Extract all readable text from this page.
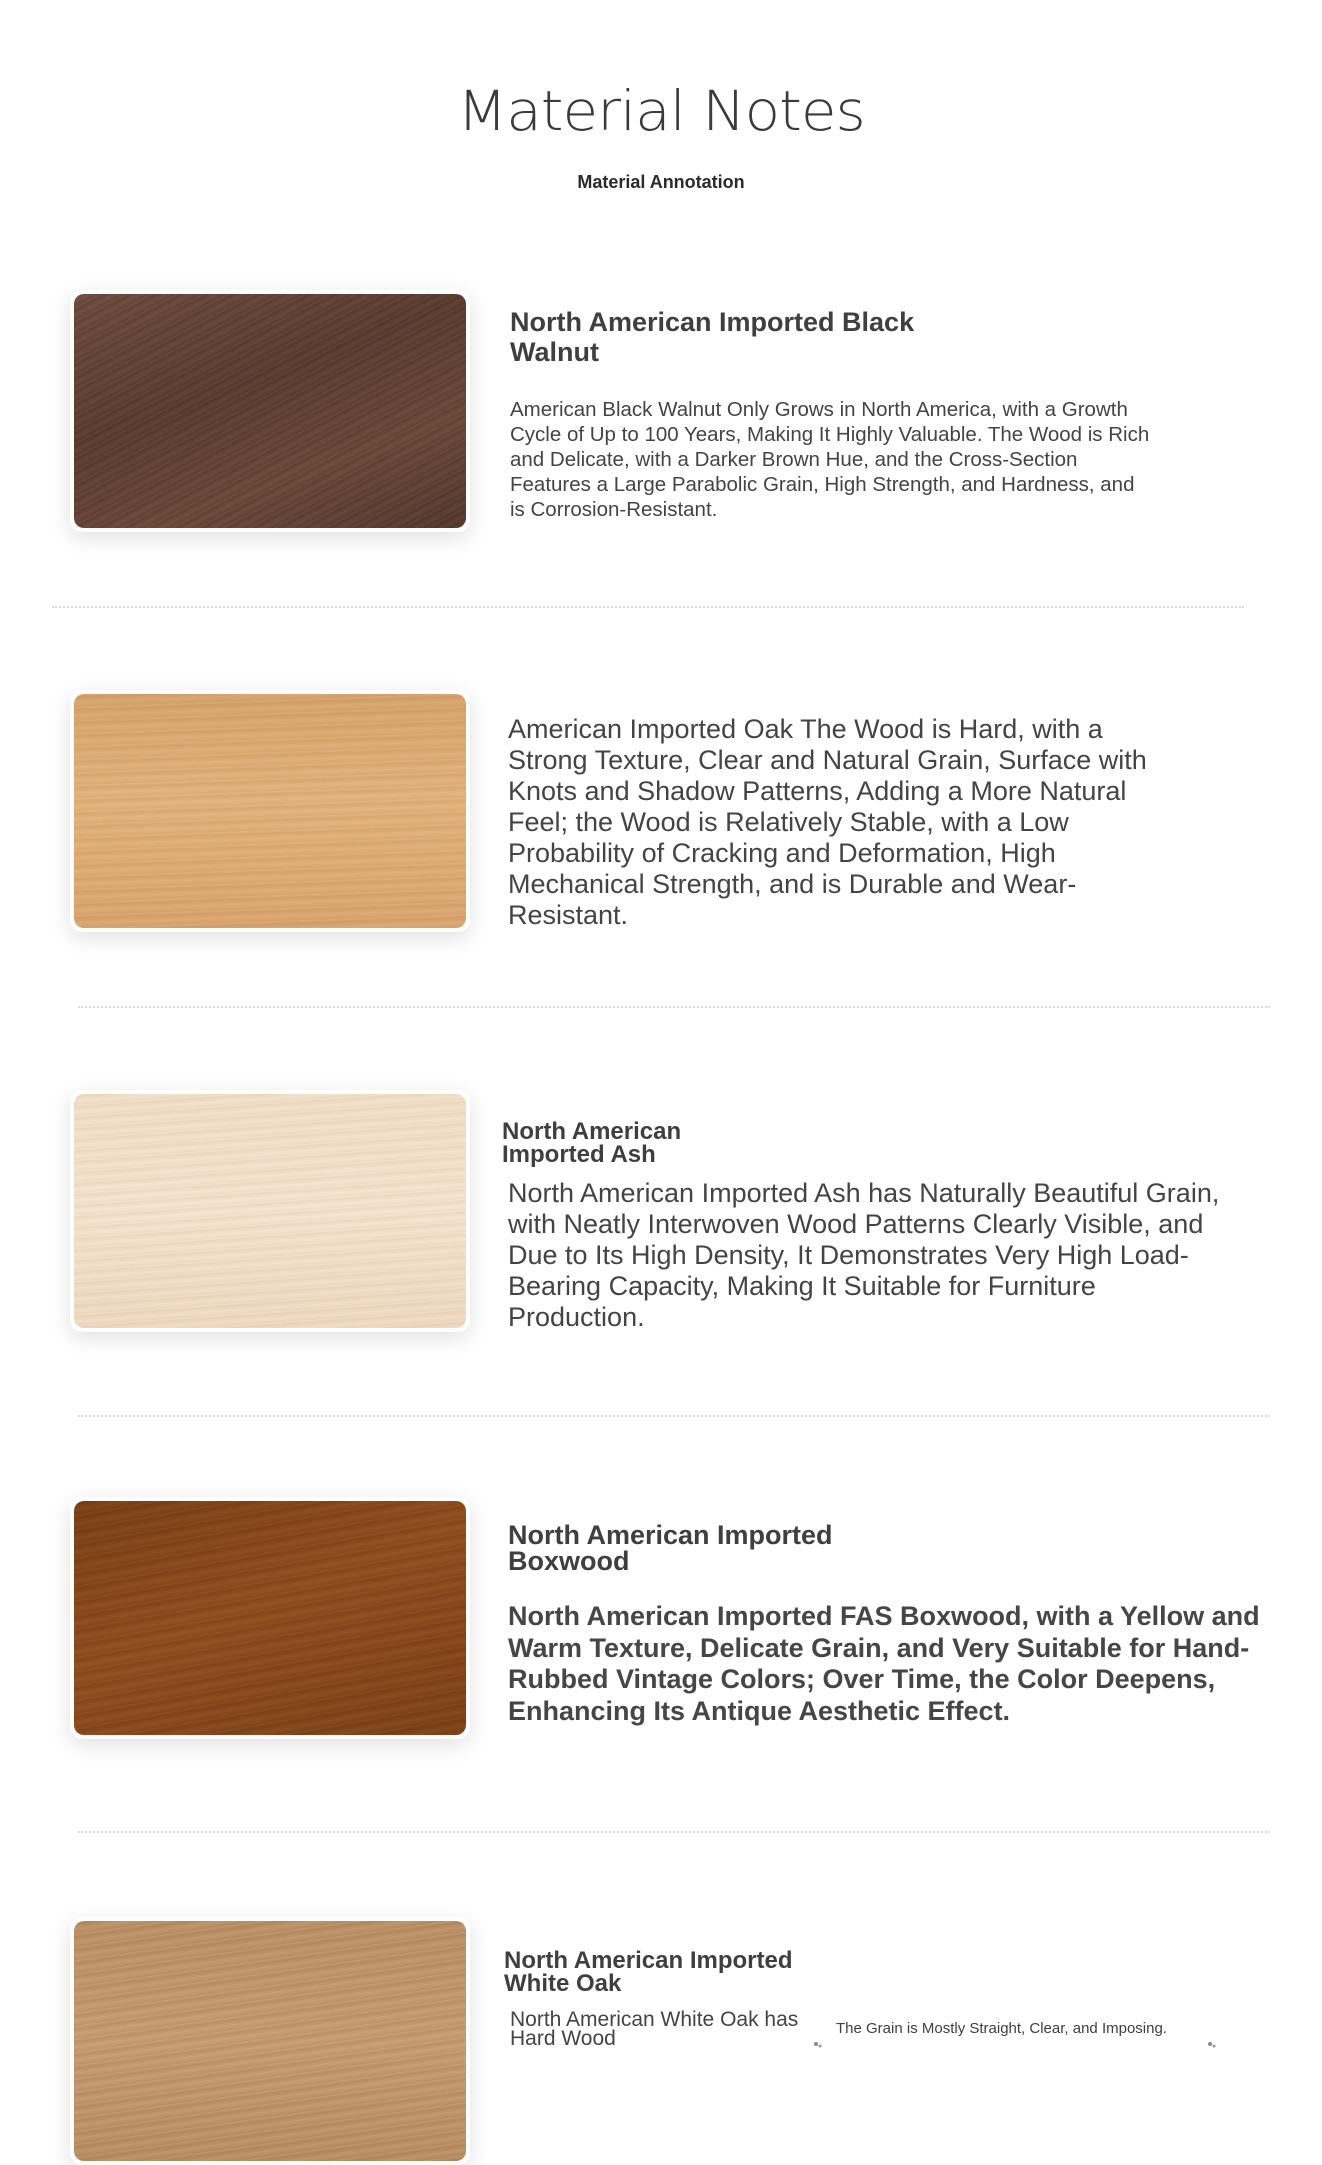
Material Notes
Material Annotation
North American Imported Black Walnut

American Black Walnut Only Grows in North America, with a Growth Cycle of Up to 100 Years, Making It Highly Valuable. The Wood is Rich and Delicate, with a Darker Brown Hue, and the Cross-Section Features a Large Parabolic Grain, High Strength, and Hardness, and is Corrosion-Resistant.

American Imported Oak The Wood is Hard, with a Strong Texture, Clear and Natural Grain, Surface with Knots and Shadow Patterns, Adding a More Natural Feel; the Wood is Relatively Stable, with a Low Probability of Cracking and Deformation, High Mechanical Strength, and is Durable and Wear-Resistant.

North American Imported Ash

North American Imported Ash has Naturally Beautiful Grain, with Neatly Interwoven Wood Patterns Clearly Visible, and Due to Its High Density, It Demonstrates Very High Load-Bearing Capacity, Making It Suitable for Furniture Production.

North American Imported Boxwood

North American Imported FAS Boxwood, with a Yellow and Warm Texture, Delicate Grain, and Very Suitable for Hand-Rubbed Vintage Colors; Over Time, the Color Deepens, Enhancing Its Antique Aesthetic Effect.

North American Imported White Oak

North American White Oak has Hard Wood	The Grain is Mostly Straight, Clear, and Imposing.
